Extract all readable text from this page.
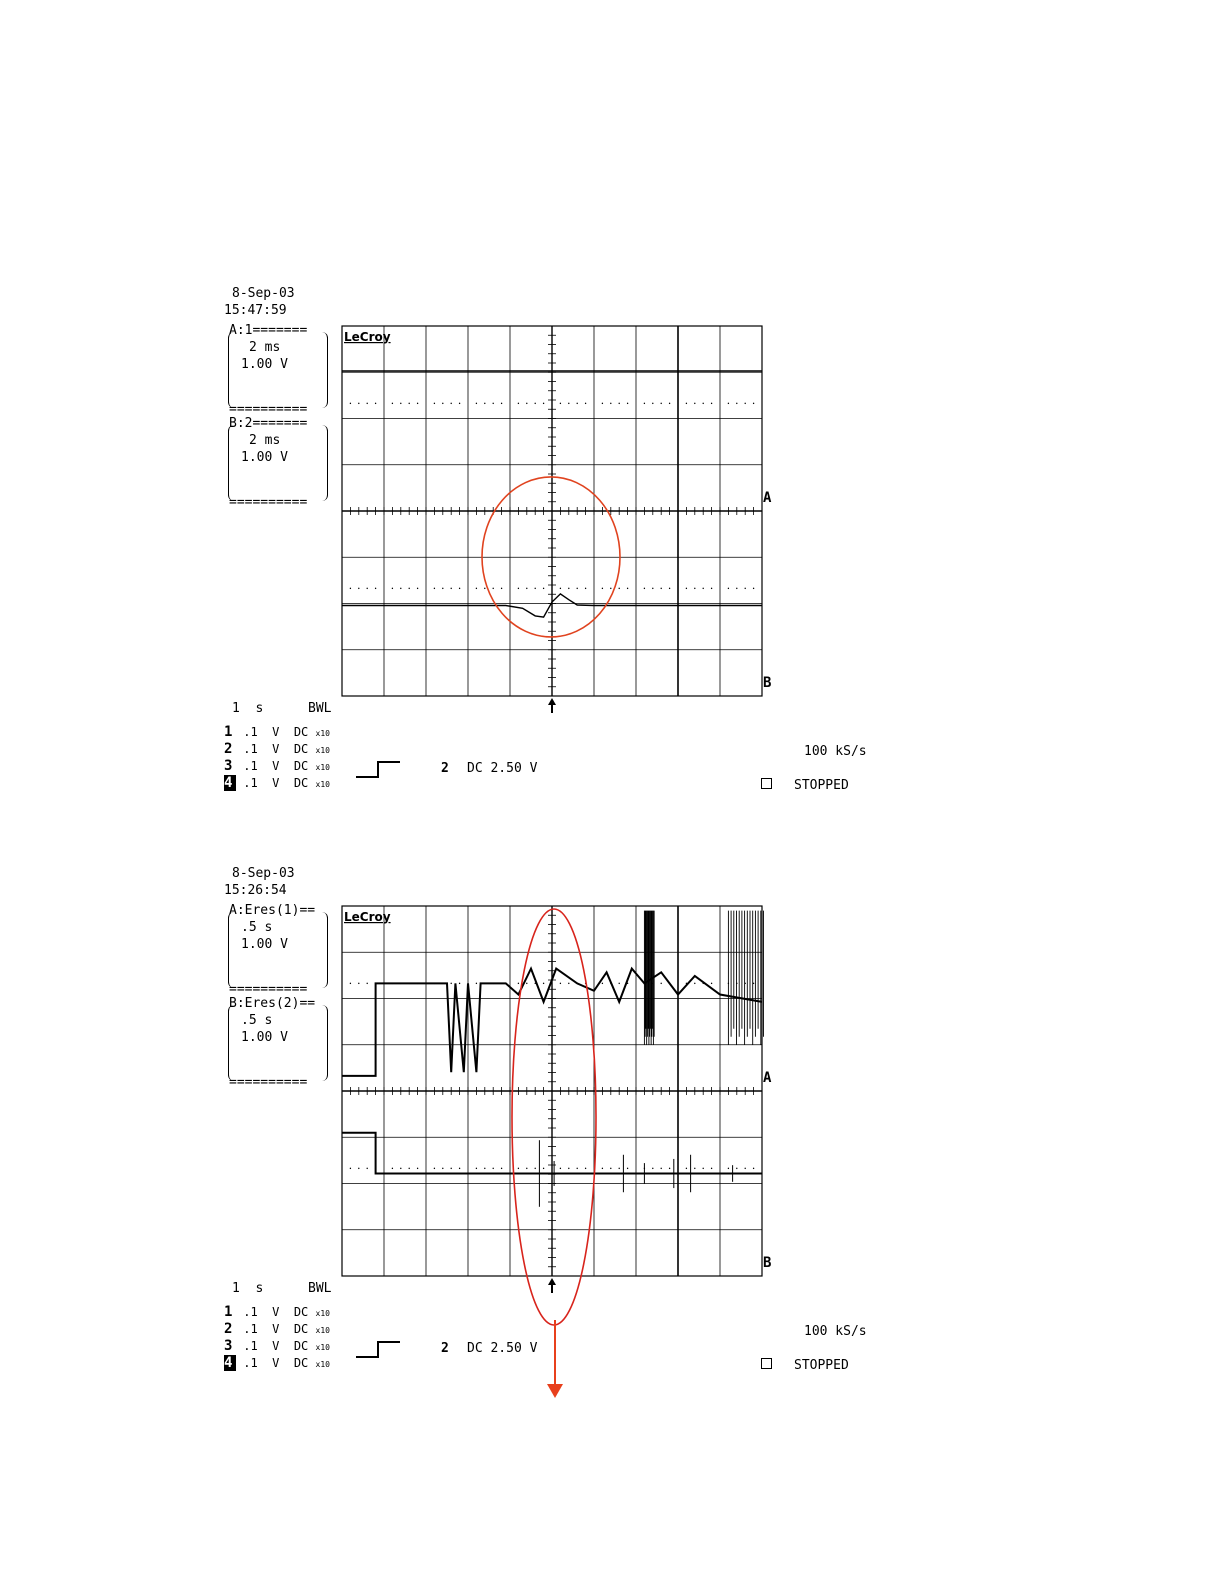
8-Sep-03
15:47:59
A:1=======
2 ms
1.00 V
==========
B:2=======
2 ms
1.00 V
==========
LeCroy
A
B
1  s	BWL
1 .1  V DC x10
2 .1  V DC x10
3 .1  V DC x10
4 .1  V DC x10
2 DC 2.50 V
100 kS/s
STOPPED
8-Sep-03
15:26:54
A:Eres(1)==
.5 s
1.00 V
==========
B:Eres(2)==
.5 s
1.00 V
==========
LeCroy
A
B
1  s	BWL
1 .1  V DC x10
2 .1  V DC x10
3 .1  V DC x10
4 .1  V DC x10
2 DC 2.50 V
100 kS/s
STOPPED
